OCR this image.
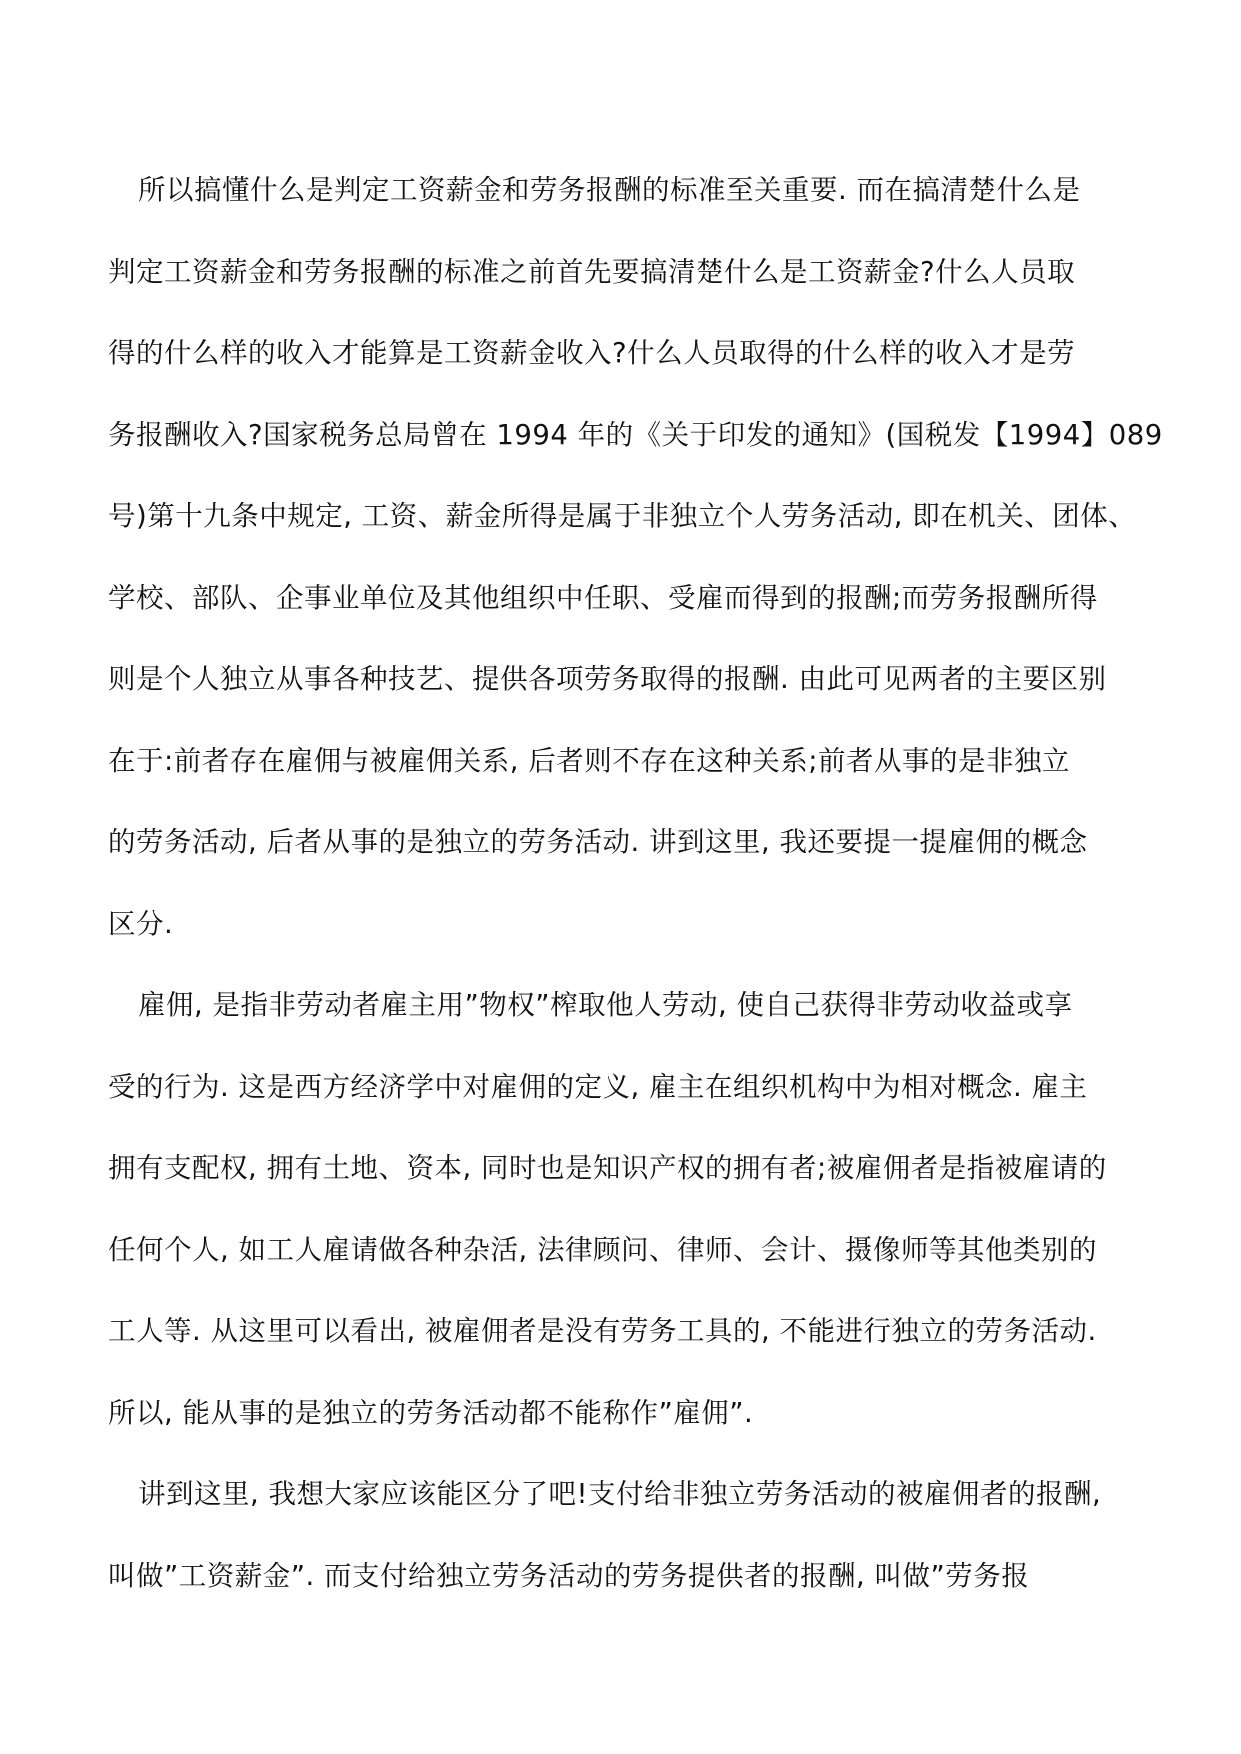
所以搞懂什么是判定工资薪金和劳务报酬的标准至关重要. 而在搞清楚什么是
判定工资薪金和劳务报酬的标准之前首先要搞清楚什么是工资薪金?什么人员取
得的什么样的收入才能算是工资薪金收入?什么人员取得的什么样的收入才是劳
务报酬收入?国家税务总局曾在 1994 年的《关于印发的通知》(国税发【1994】089
号)第十九条中规定, 工资、薪金所得是属于非独立个人劳务活动, 即在机关、团体、
学校、部队、企事业单位及其他组织中任职、受雇而得到的报酬;而劳务报酬所得
则是个人独立从事各种技艺、提供各项劳务取得的报酬. 由此可见两者的主要区别
在于:前者存在雇佣与被雇佣关系, 后者则不存在这种关系;前者从事的是非独立
的劳务活动, 后者从事的是独立的劳务活动. 讲到这里, 我还要提一提雇佣的概念
区分.
雇佣, 是指非劳动者雇主用”物权”榨取他人劳动, 使自己获得非劳动收益或享
受的行为. 这是西方经济学中对雇佣的定义, 雇主在组织机构中为相对概念. 雇主
拥有支配权, 拥有土地、资本, 同时也是知识产权的拥有者;被雇佣者是指被雇请的
任何个人, 如工人雇请做各种杂活, 法律顾问、律师、会计、摄像师等其他类别的
工人等. 从这里可以看出, 被雇佣者是没有劳务工具的, 不能进行独立的劳务活动.
所以, 能从事的是独立的劳务活动都不能称作”雇佣”.
讲到这里, 我想大家应该能区分了吧!支付给非独立劳务活动的被雇佣者的报酬,
叫做”工资薪金”. 而支付给独立劳务活动的劳务提供者的报酬, 叫做”劳务报
